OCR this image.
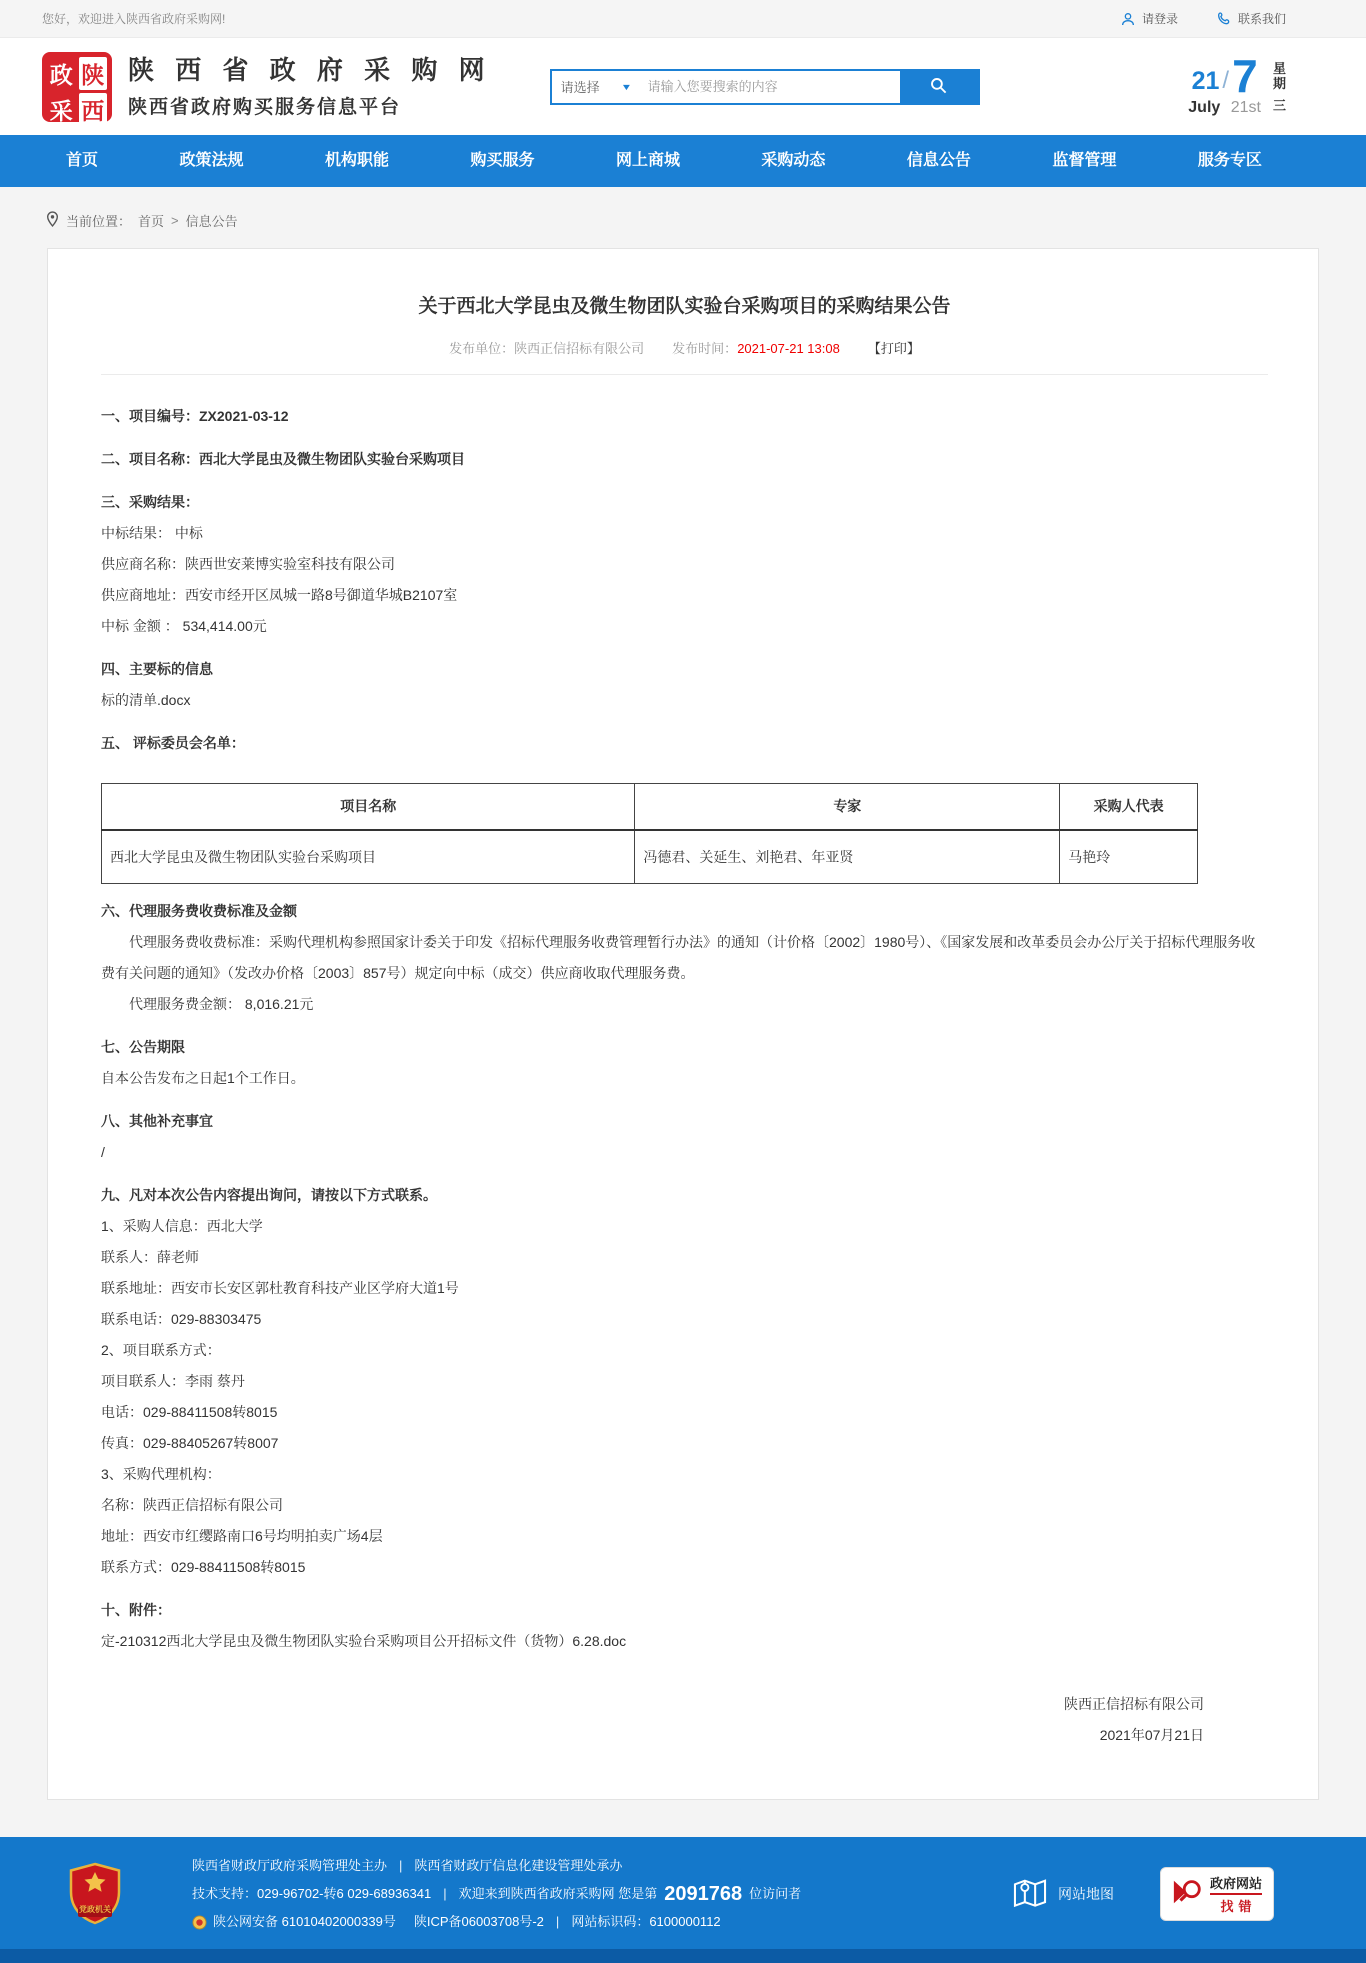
您好，欢迎进入陕西省政府采购网!	请登录	联系我们
政 陕
采 西
陕 西 省 政 府 采 购 网
陕西省政府购买服务信息平台
请选择 ▼
请输入您要搜索的内容	21 / 7
July 21st
星
期
三
首页	政策法规	机构职能	购买服务	网上商城	采购动态	信息公告	监督管理	服务专区
当前位置： 首页 > 信息公告
关于西北大学昆虫及微生物团队实验台采购项目的采购结果公告
发布单位：陕西正信招标有限公司 发布时间：2021-07-21 13:08 【打印】
一、项目编号：ZX2021-03-12
二、项目名称：西北大学昆虫及微生物团队实验台采购项目
三、采购结果：
中标结果： 中标
供应商名称：陕西世安莱博实验室科技有限公司
供应商地址：西安市经开区凤城一路8号御道华城B2107室
中标 金额 ： 534,414.00元
四、主要标的信息
标的清单.docx
五、 评标委员会名单：
项目名称	专家	采购人代表
西北大学昆虫及微生物团队实验台采购项目	冯德君、关延生、刘艳君、年亚贤	马艳玲
六、代理服务费收费标准及金额
代理服务费收费标准：采购代理机构参照国家计委关于印发《招标代理服务收费管理暂行办法》的通知（计价格〔2002〕1980号）、《国家发展和改革委员会办公厅关于招标代理服务收费有关问题的通知》（发改办价格〔2003〕857号）规定向中标（成交）供应商收取代理服务费。
代理服务费金额： 8,016.21元
七、公告期限
自本公告发布之日起1个工作日。
八、其他补充事宜
/
九、凡对本次公告内容提出询问，请按以下方式联系。
1、采购人信息：西北大学
联系人：薛老师
联系地址：西安市长安区郭杜教育科技产业区学府大道1号
联系电话：029-88303475
2、项目联系方式：
项目联系人：李雨 蔡丹
电话：029-88411508转8015
传真：029-88405267转8007
3、采购代理机构：
名称：陕西正信招标有限公司
地址：西安市红缨路南口6号均明拍卖广场4层
联系方式：029-88411508转8015
十、附件：
定-210312西北大学昆虫及微生物团队实验台采购项目公开招标文件（货物）6.28.doc
陕西正信招标有限公司
2021年07月21日
党政机关
陕西省财政厅政府采购管理处主办 | 陕西省财政厅信息化建设管理处承办
技术支持：029-96702-转6 029-68936341 | 欢迎来到陕西省政府采购网 您是第 2091768 位访问者
陕公网安备 61010402000339号 陕ICP备06003708号-2 | 网站标识码：6100000112
网站地图
政府网站
找错
